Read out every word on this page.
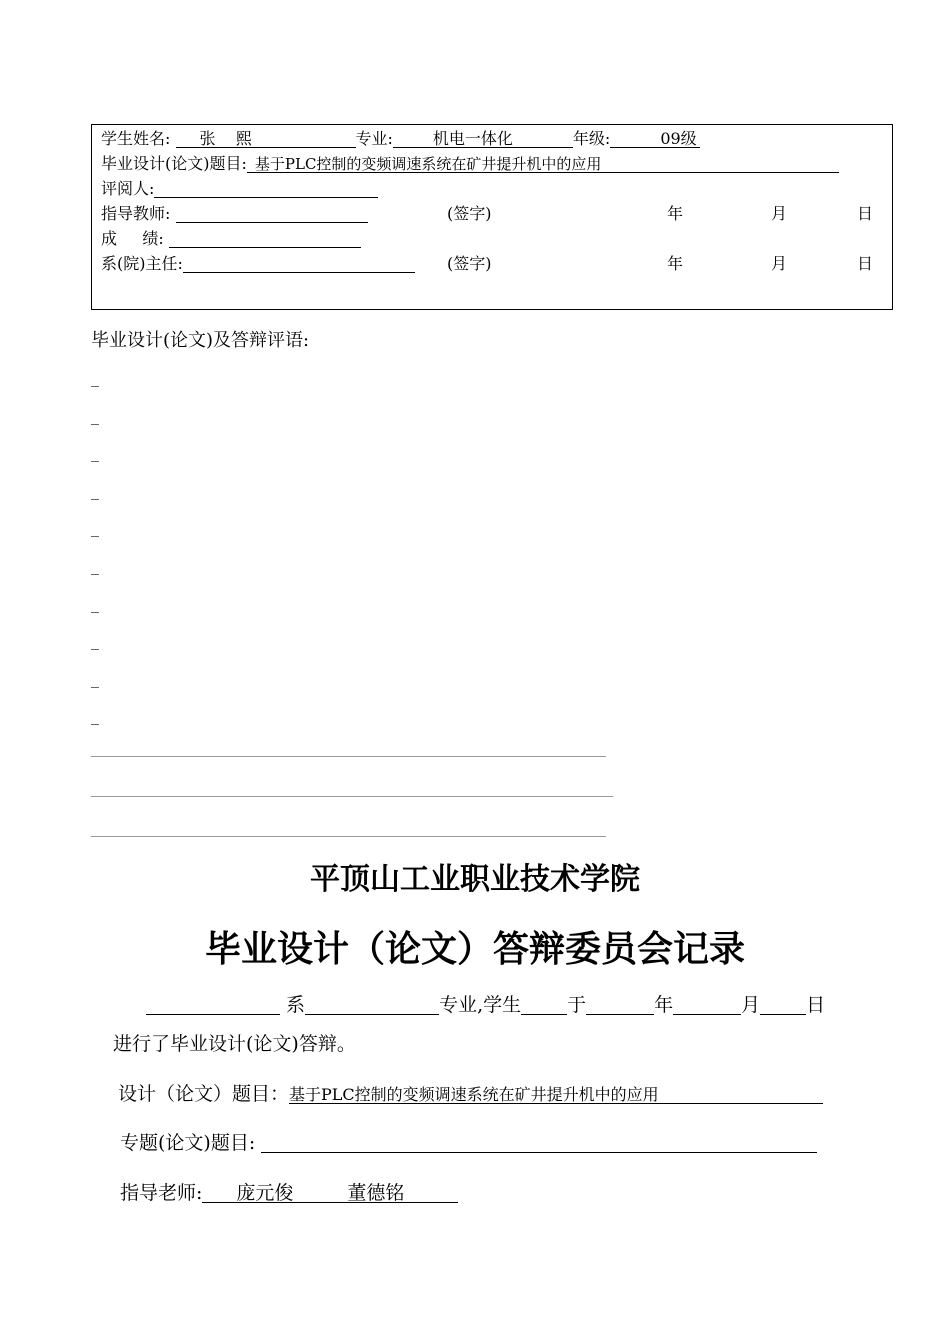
学生姓名: 张    熙	专业:	机电一体化	年级:	09级
毕业设计(论文)题目: 基于PLC控制的变频调速系统在矿井提升机中的应用
评阅人:
指导教师:	(签字)	年	月	日
成     绩:
系(院)主任:	(签字)	年	月	日
毕业设计(论文)及答辩评语:
_
_
_
_
_
_
_
_
_
_
平顶山工业职业技术学院
毕业设计（论文）答辩委员会记录
系	专业,学生 于	年	月 日
进行了毕业设计(论文)答辩。
设计（论文）题目：基于PLC控制的变频调速系统在矿井提升机中的应用
专题(论文)题目:
指导老师: 庞元俊	董德铭
